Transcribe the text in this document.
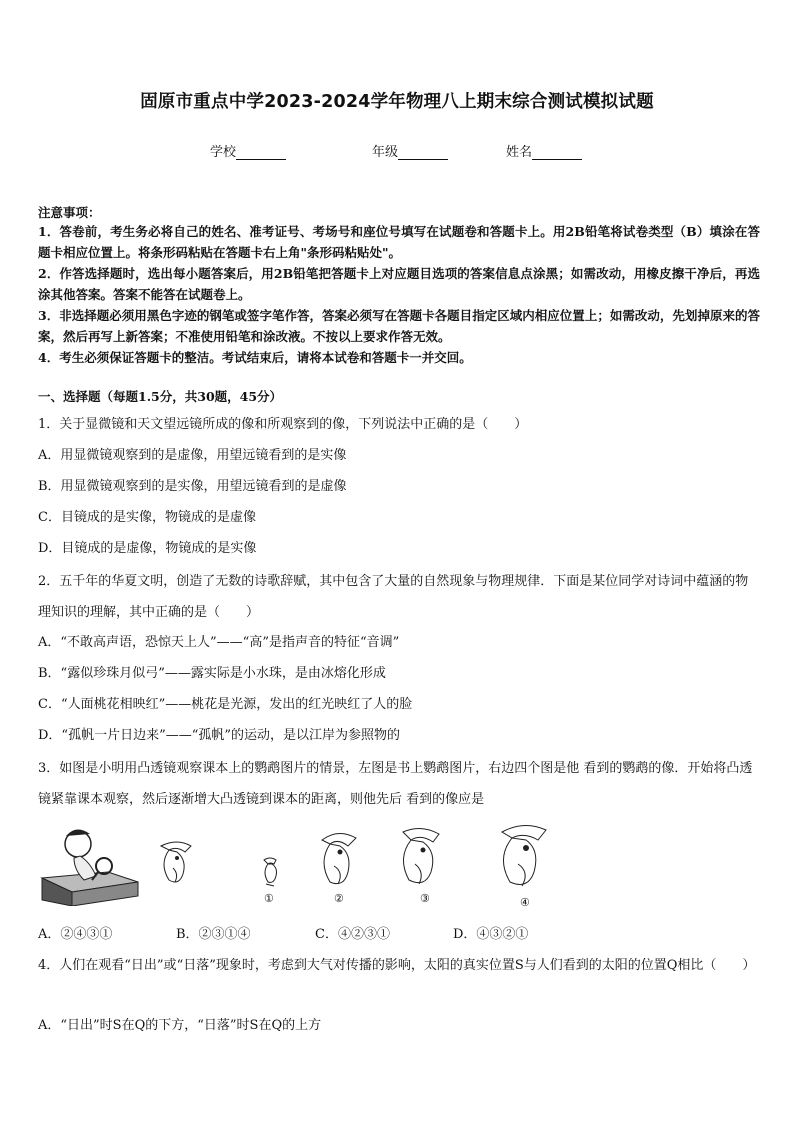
固原市重点中学2023-2024学年物理八上期末综合测试模拟试题
学校	年级	姓名
注意事项：
1．答卷前，考生务必将自己的姓名、准考证号、考场号和座位号填写在试题卷和答题卡上。用2B铅笔将试卷类型（B）填涂在答题卡相应位置上。将条形码粘贴在答题卡右上角"条形码粘贴处"。
2．作答选择题时，选出每小题答案后，用2B铅笔把答题卡上对应题目选项的答案信息点涂黑；如需改动，用橡皮擦干净后，再选涂其他答案。答案不能答在试题卷上。
3．非选择题必须用黑色字迹的钢笔或签字笔作答，答案必须写在答题卡各题目指定区域内相应位置上；如需改动，先划掉原来的答案，然后再写上新答案；不准使用铅笔和涂改液。不按以上要求作答无效。
4．考生必须保证答题卡的整洁。考试结束后，请将本试卷和答题卡一并交回。
一、选择题（每题1.5分，共30题，45分）
1．关于显微镜和天文望远镜所成的像和所观察到的像，下列说法中正确的是（　　）
A．用显微镜观察到的是虚像，用望远镜看到的是实像
B．用显微镜观察到的是实像，用望远镜看到的是虚像
C．目镜成的是实像，物镜成的是虚像
D．目镜成的是虚像，物镜成的是实像
2．五千年的华夏文明，创造了无数的诗歌辞赋，其中包含了大量的自然现象与物理规律．下面是某位同学对诗词中蕴涵的物理知识的理解，其中正确的是（　　）
A．“不敢高声语，恐惊天上人”——“高”是指声音的特征“音调”
B．“露似珍珠月似弓”——露实际是小水珠，是由冰熔化形成
C．“人面桃花相映红”——桃花是光源，发出的红光映红了人的脸
D．“孤帆一片日边来”——“孤帆”的运动，是以江岸为参照物的
3．如图是小明用凸透镜观察课本上的鹦鹉图片的情景，左图是书上鹦鹉图片，右边四个图是他 看到的鹦鹉的像．开始将凸透镜紧靠课本观察，然后逐渐增大凸透镜到课本的距离，则他先后 看到的像应是
①	②	③	④
A．②④③①	B．②③①④	C．④②③①	D．④③②①
4．人们在观看“日出”或“日落”现象时，考虑到大气对传播的影响，太阳的真实位置S与人们看到的太阳的位置Q相比（　　）
A．“日出”时S在Q的下方，“日落”时S在Q的上方
